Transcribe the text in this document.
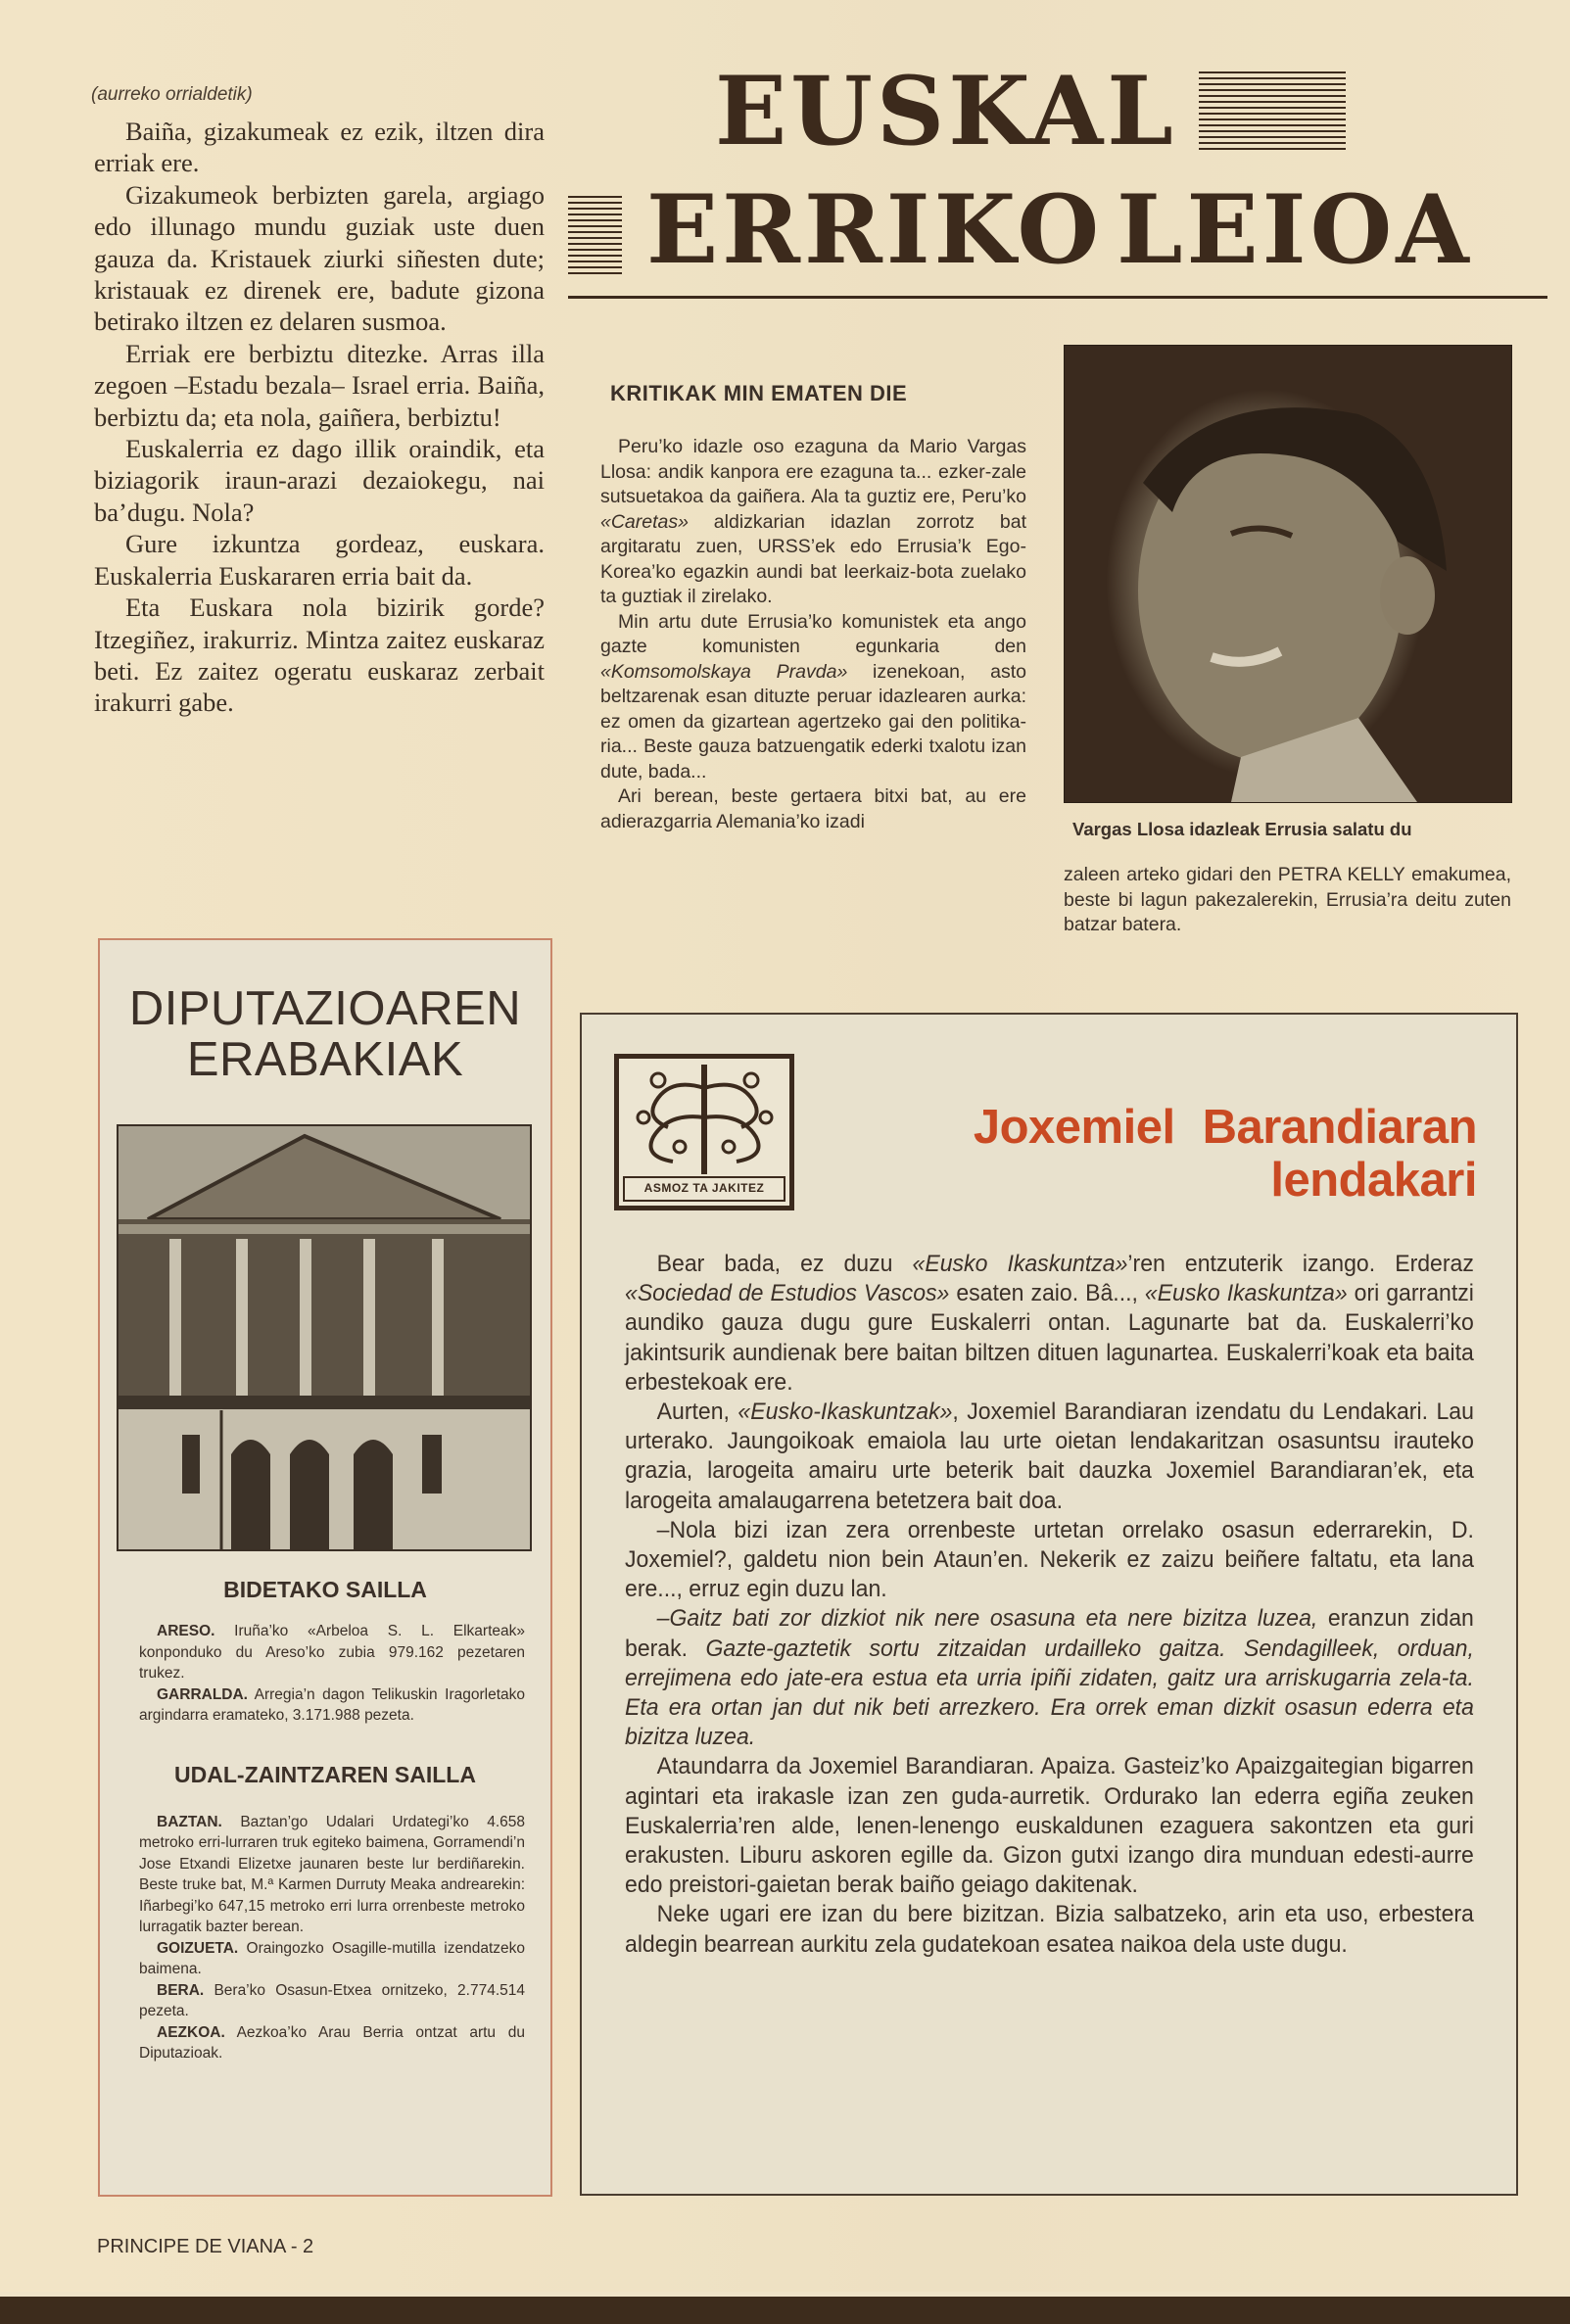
(aurreko orrialdetik)

Baiña, gizakumeak ez ezik, iltzen dira erriak ere.

Gizakumeok berbizten garela, argiago edo illunago mundu guziak uste duen gauza da. Kristauek ziurki siñesten dute; kristauak ez direnek ere, badute gizona betirako iltzen ez delaren susmoa.

Erriak ere berbiztu ditezke. Arras illa zegoen –Estadu bezala– Israel erria. Baiña, berbiztu da; eta nola, gaiñera, berbiztu!

Euskalerria ez dago illik oraindik, eta biziagorik iraun-arazi dezaiokegu, nai ba’dugu. Nola?

Gure izkuntza gordeaz, euskara. Euskalerria Euskararen erria bait da.

Eta Euskara nola bizirik gorde? Itzegiñez, irakurriz. Mintza zaitez euskaraz beti. Ez zaitez ogeratu euskaraz zerbait irakurri gabe.

EUSKAL
ERRIKO LEIOA
KRITIKAK MIN EMATEN DIE

Peru’ko idazle oso ezaguna da Mario Vargas Llosa: andik kanpora ere ezaguna ta... ezker-zale sutsuetakoa da gaiñera. Ala ta guztiz ere, Peru’ko «Caretas» aldizkarian idazlan zorrotz bat argitaratu zuen, URSS’ek edo Errusia’k Ego-Korea’ko egazkin aundi bat leerkaiz-bota zuelako ta guztiak il zirelako.

Min artu dute Errusia’ko komunistek eta ango gazte komunisten egunkaria den «Komsomolskaya Pravda» izenekoan, asto beltzarenak esan dituzte peruar idazlearen aurka: ez omen da gizartean agertzeko gai den politikaria... Beste gauza batzuengatik ederki txalotu izan dute, bada...

Ari berean, beste gertaera bitxi bat, au ere adierazgarria Alemania’ko izadi	Vargas Llosa idazleak Errusia salatu du

zaleen arteko gidari den PETRA KELLY emakumea, beste bi lagun pakezalerekin, Errusia’ra deitu zuten batzar batera.

DIPUTAZIOAREN
ERABAKIAK
BIDETAKO SAILLA

ARESO. Iruña’ko «Arbeloa S. L. Elkarteak» konponduko du Areso’ko zubia 979.162 pezetaren trukez.

GARRALDA. Arregia’n dagon Telikuskin Iragorletako argindarra eramateko, 3.171.988 pezeta.

UDAL-ZAINTZAREN SAILLA

BAZTAN. Baztan’go Udalari Urdategi’ko 4.658 metroko erri-lurraren truk egiteko baimena, Gorramendi’n Jose Etxandi Elizetxe jaunaren beste lur berdiñarekin. Beste truke bat, M.ª Karmen Durruty Meaka andrearekin: Iñarbegi’ko 647,15 metroko erri lurra orrenbeste metroko lurragatik bazter berean.

GOIZUETA. Oraingozko Osagille-mutilla izendatzeko baimena.

BERA. Bera’ko Osasun-Etxea ornitzeko, 2.774.514 pezeta.

AEZKOA. Aezkoa’ko Arau Berria ontzat artu du Diputazioak.

ASMOZ TA JAKITEZ
Joxemiel Barandiaran
lendakari

Bear bada, ez duzu «Eusko Ikaskuntza»’ren entzuterik izango. Erderaz «Sociedad de Estudios Vascos» esaten zaio. Bâ..., «Eusko Ikaskuntza» ori garrantzi aundiko gauza dugu gure Euskalerri ontan. Lagunarte bat da. Euskalerri’ko jakintsurik aundienak bere baitan biltzen dituen lagunartea. Euskalerri’koak eta baita erbestekoak ere.

Aurten, «Eusko-Ikaskuntzak», Joxemiel Barandiaran izendatu du Lendakari. Lau urterako. Jaungoikoak emaiola lau urte oietan lendakaritzan osasuntsu irauteko grazia, larogeita amairu urte beterik bait dauzka Joxemiel Barandiaran’ek, eta larogeita amalaugarrena betetzera bait doa.

–Nola bizi izan zera orrenbeste urtetan orrelako osasun ederrarekin, D. Joxemiel?, galdetu nion bein Ataun’en. Nekerik ez zaizu beiñere faltatu, eta lana ere..., erruz egin duzu lan.

–Gaitz bati zor dizkiot nik nere osasuna eta nere bizitza luzea, eranzun zidan berak. Gazte-gaztetik sortu zitzaidan urdailleko gaitza. Sendagilleek, orduan, errejimena edo jate-era estua eta urria ipiñi zidaten, gaitz ura arriskugarria zela-ta. Eta era ortan jan dut nik beti arrezkero. Era orrek eman dizkit osasun ederra eta bizitza luzea.

Ataundarra da Joxemiel Barandiaran. Apaiza. Gasteiz’ko Apaizgaitegian bigarren agintari eta irakasle izan zen guda-aurretik. Ordurako lan ederra egiña zeuken Euskalerria’ren alde, lenen-lenengo euskaldunen ezaguera sakontzen eta guri erakusten. Liburu askoren egille da. Gizon gutxi izango dira munduan edesti-aurre edo preistori-gaietan berak baiño geiago dakitenak.

Neke ugari ere izan du bere bizitzan. Bizia salbatzeko, arin eta uso, erbestera aldegin bearrean aurkitu zela gudatekoan esatea naikoa dela uste dugu.

PRINCIPE DE VIANA - 2
